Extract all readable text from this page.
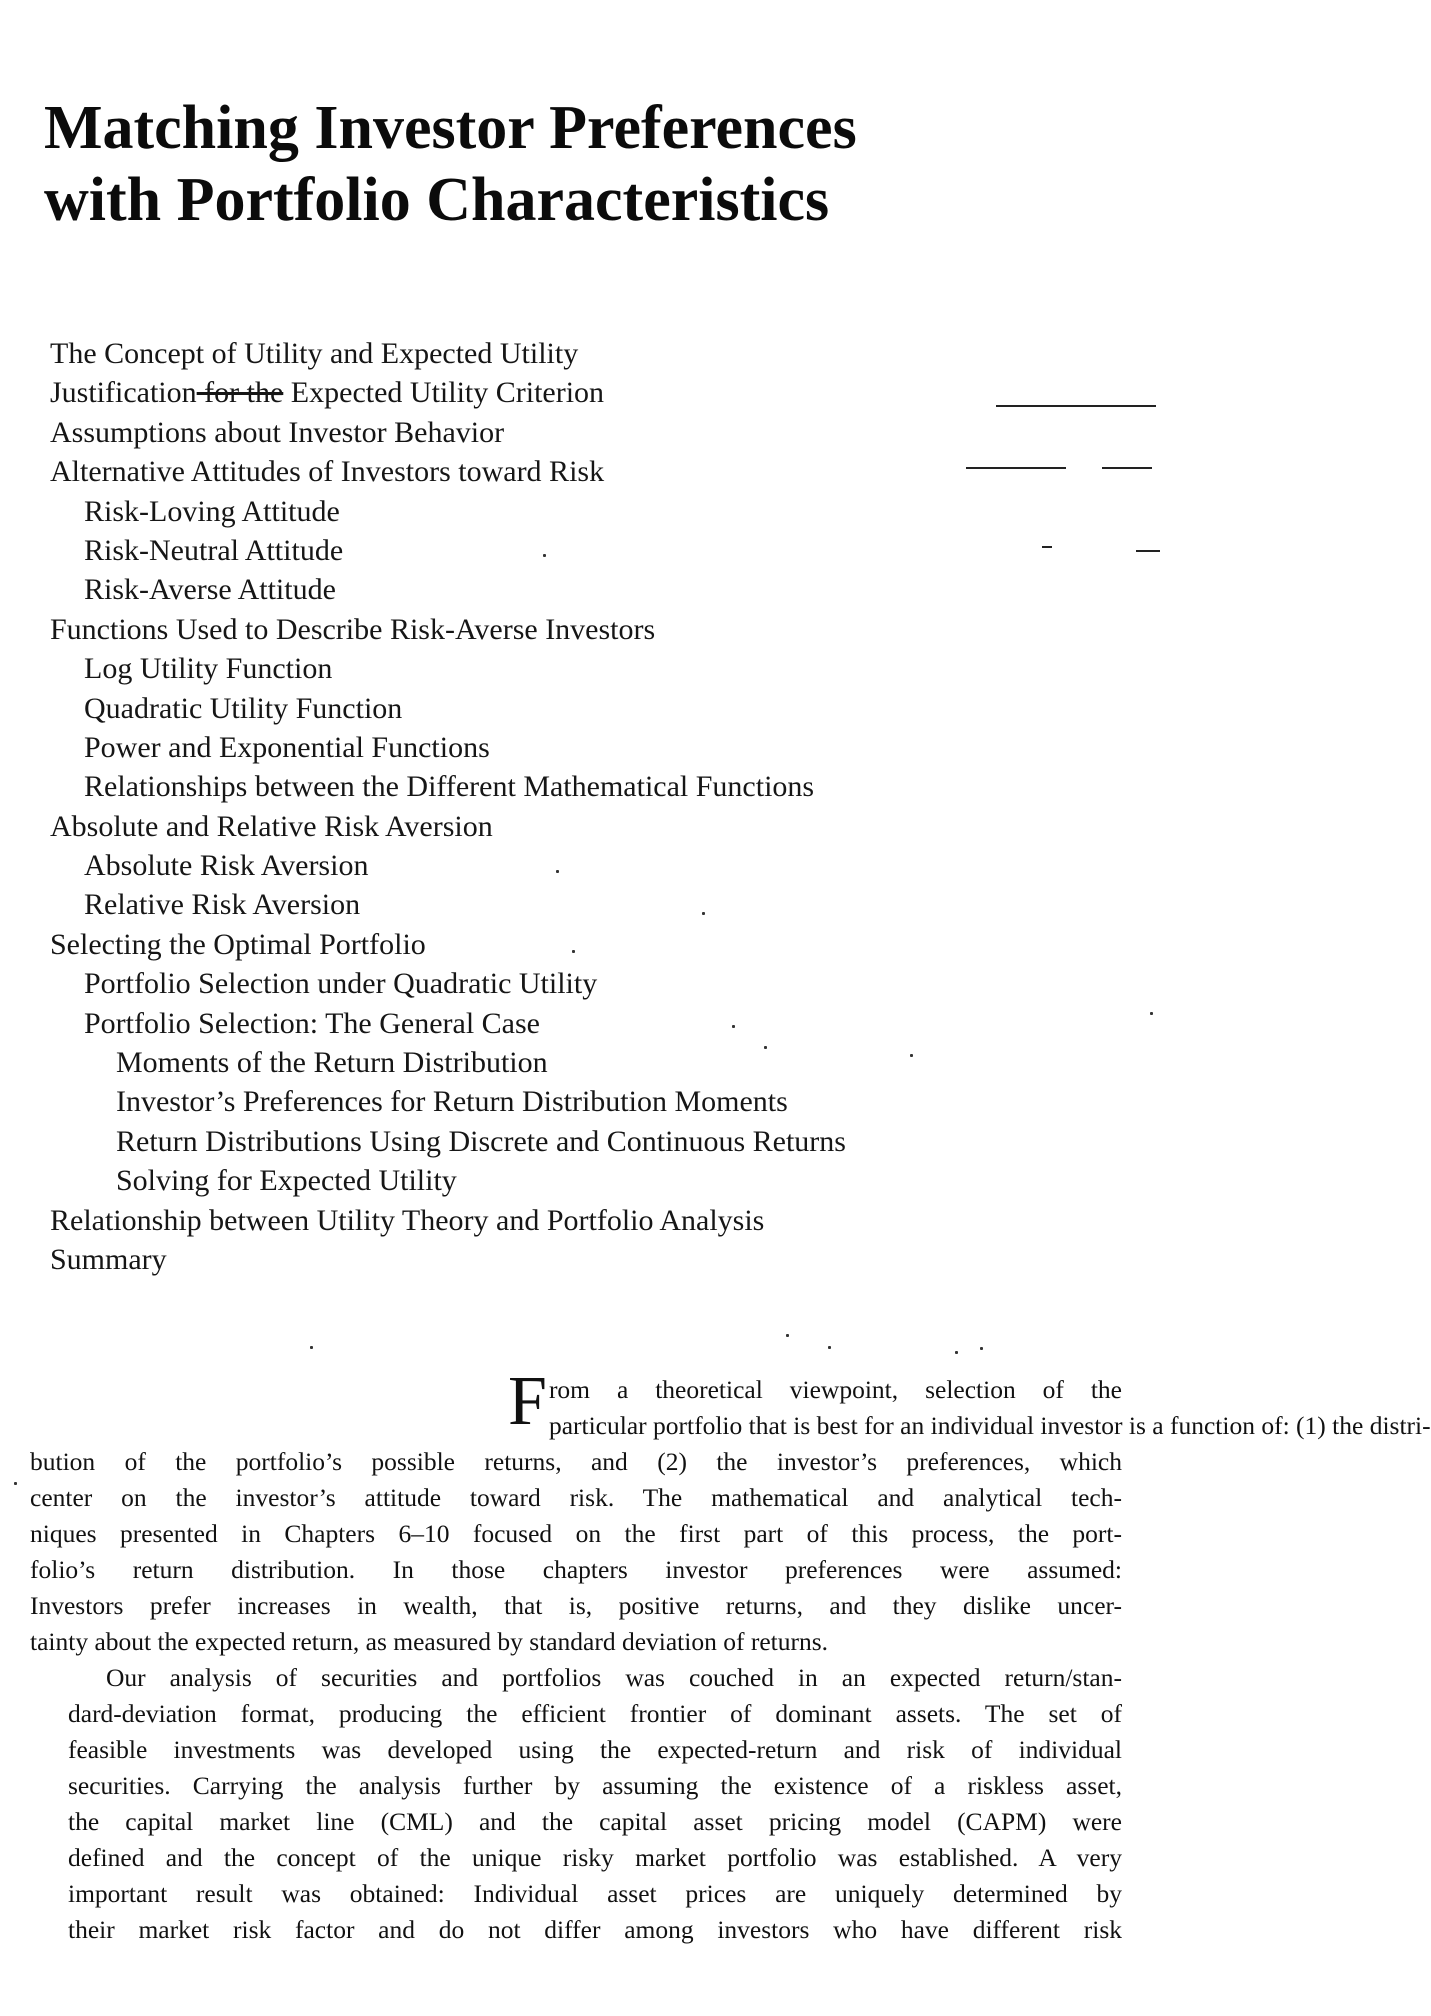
Matching Investor Preferences
with Portfolio Characteristics
The Concept of Utility and Expected Utility
Justification for the Expected Utility Criterion
Assumptions about Investor Behavior
Alternative Attitudes of Investors toward Risk
Risk-Loving Attitude
Risk-Neutral Attitude
Risk-Averse Attitude
Functions Used to Describe Risk-Averse Investors
Log Utility Function
Quadratic Utility Function
Power and Exponential Functions
Relationships between the Different Mathematical Functions
Absolute and Relative Risk Aversion
Absolute Risk Aversion
Relative Risk Aversion
Selecting the Optimal Portfolio
Portfolio Selection under Quadratic Utility
Portfolio Selection: The General Case
Moments of the Return Distribution
Investor’s Preferences for Return Distribution Moments
Return Distributions Using Discrete and Continuous Returns
Solving for Expected Utility
Relationship between Utility Theory and Portfolio Analysis
Summary

F rom a theoretical viewpoint, selection of the
particular portfolio that is best for an individual investor is a function of: (1) the distri-
bution of the portfolio’s possible returns, and (2) the investor’s preferences, which
center on the investor’s attitude toward risk. The mathematical and analytical tech-
niques presented in Chapters 6–10 focused on the first part of this process, the port-
folio’s return distribution. In those chapters investor preferences were assumed:
Investors prefer increases in wealth, that is, positive returns, and they dislike uncer-
tainty about the expected return, as measured by standard deviation of returns.

Our analysis of securities and portfolios was couched in an expected return/stan-
dard-deviation format, producing the efficient frontier of dominant assets. The set of
feasible investments was developed using the expected-return and risk of individual
securities. Carrying the analysis further by assuming the existence of a riskless asset,
the capital market line (CML) and the capital asset pricing model (CAPM) were
defined and the concept of the unique risky market portfolio was established. A very
important result was obtained: Individual asset prices are uniquely determined by
their market risk factor and do not differ among investors who have different risk
